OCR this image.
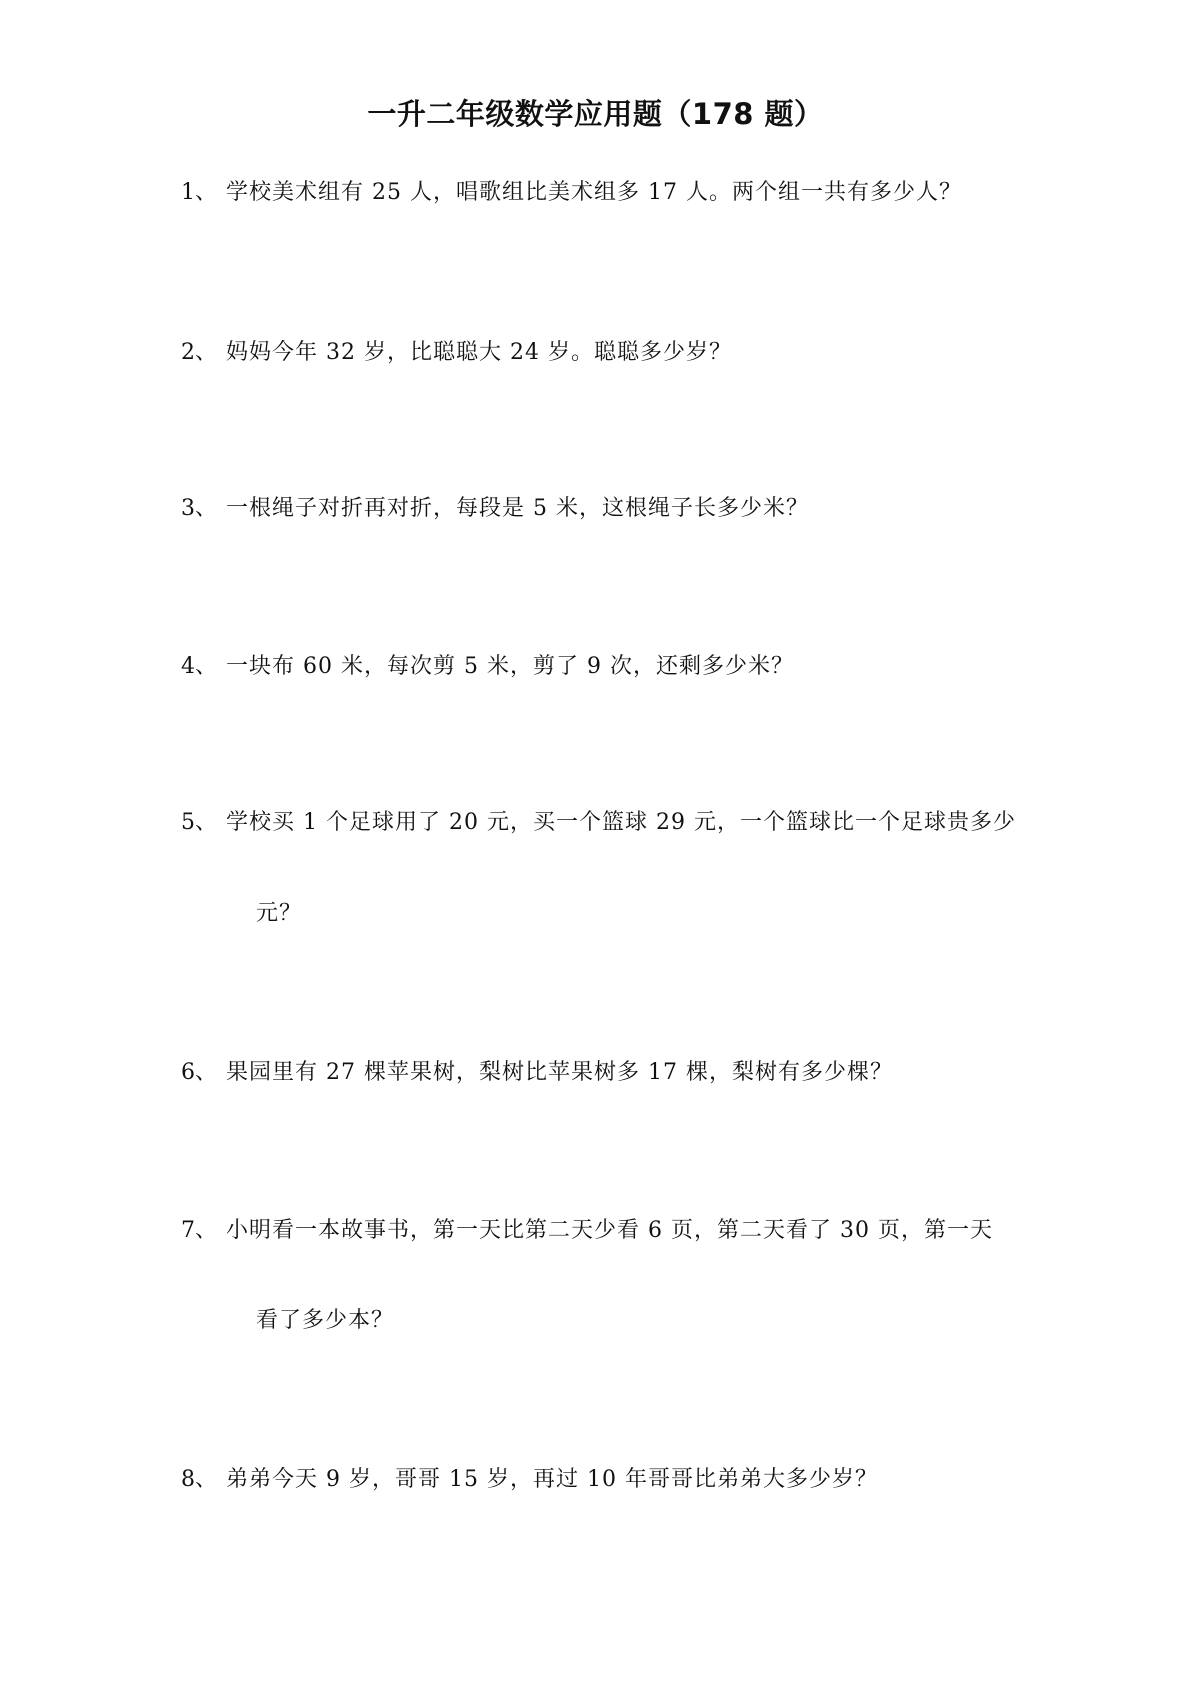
一升二年级数学应用题（178 题）
1、 学校美术组有 25 人，唱歌组比美术组多 17 人。两个组一共有多少人？
2、 妈妈今年 32 岁，比聪聪大 24 岁。聪聪多少岁？
3、 一根绳子对折再对折，每段是 5 米，这根绳子长多少米？
4、 一块布 60 米，每次剪 5 米，剪了 9 次，还剩多少米？
5、 学校买 1 个足球用了 20 元，买一个篮球 29 元，一个篮球比一个足球贵多少
元？
6、 果园里有 27 棵苹果树，梨树比苹果树多 17 棵，梨树有多少棵？
7、 小明看一本故事书，第一天比第二天少看 6 页，第二天看了 30 页，第一天
看了多少本？
8、 弟弟今天 9 岁，哥哥 15 岁，再过 10 年哥哥比弟弟大多少岁？
